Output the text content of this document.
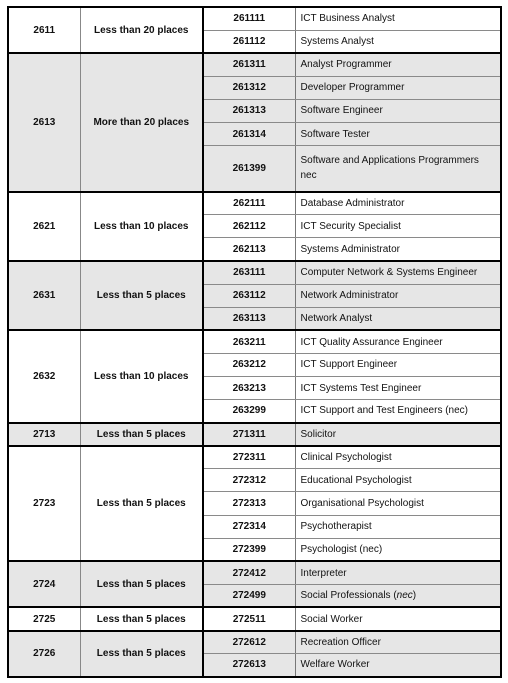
2611	Less than 20 places	261111	ICT Business Analyst
		261112	Systems Analyst
2613	More than 20 places	261311	Analyst Programmer
		261312	Developer Programmer
		261313	Software Engineer
		261314	Software Tester
		261399	Software and Applications Programmers nec
2621	Less than 10 places	262111	Database Administrator
		262112	ICT Security Specialist
		262113	Systems Administrator
2631	Less than 5 places	263111	Computer Network & Systems Engineer
		263112	Network Administrator
		263113	Network Analyst
2632	Less than 10 places	263211	ICT Quality Assurance Engineer
		263212	ICT Support Engineer
		263213	ICT Systems Test Engineer
		263299	ICT Support and Test Engineers (nec)
2713	Less than 5 places	271311	Solicitor
2723	Less than 5 places	272311	Clinical Psychologist
		272312	Educational Psychologist
		272313	Organisational Psychologist
		272314	Psychotherapist
		272399	Psychologist (nec)
2724	Less than 5 places	272412	Interpreter
		272499	Social Professionals (nec)
2725	Less than 5 places	272511	Social Worker
2726	Less than 5 places	272612	Recreation Officer
		272613	Welfare Worker
